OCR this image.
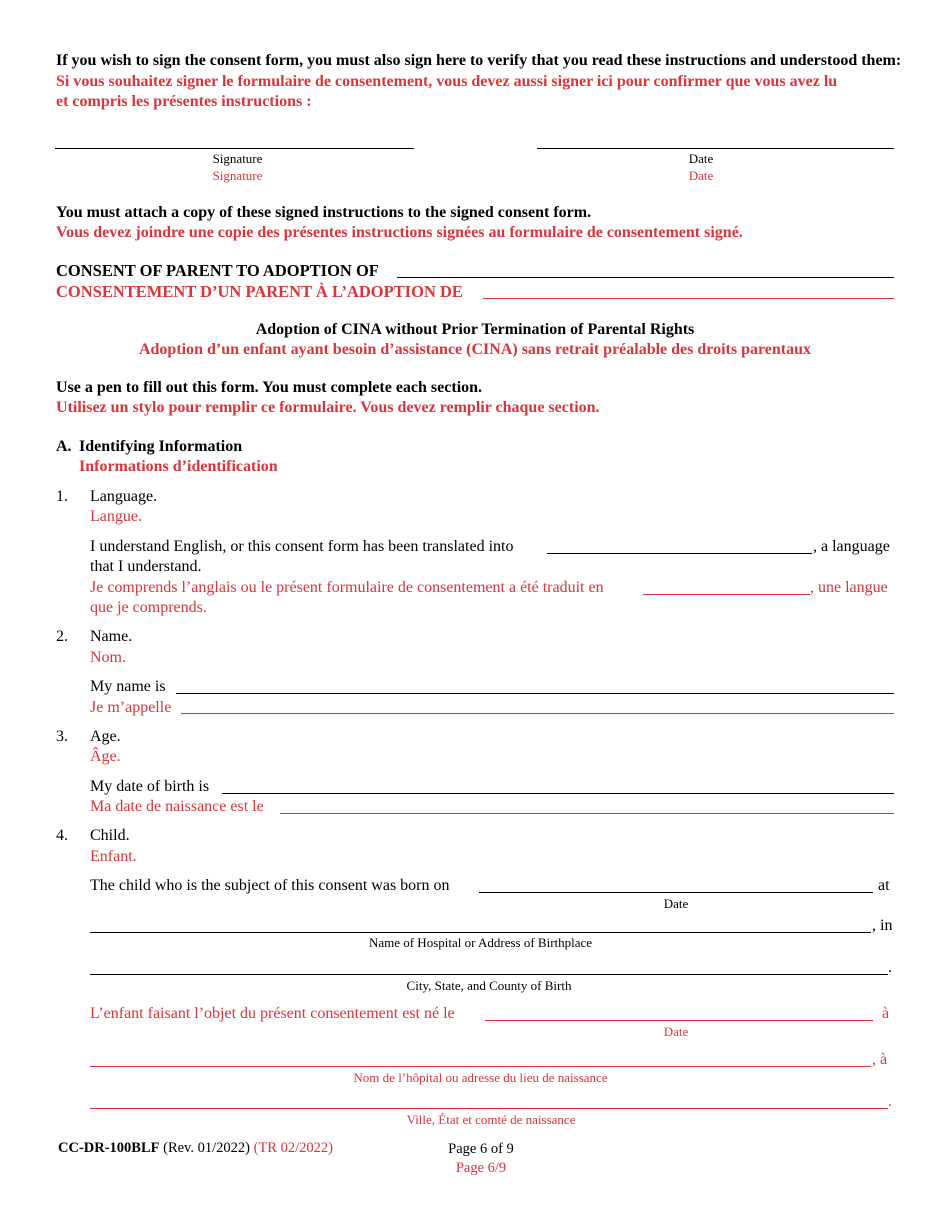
If you wish to sign the consent form, you must also sign here to verify that you read these instructions and understood them:
Si vous souhaitez signer le formulaire de consentement, vous devez aussi signer ici pour confirmer que vous avez lu
et compris les présentes instructions :
Signature
Signature
Date
Date
You must attach a copy of these signed instructions to the signed consent form.
Vous devez joindre une copie des présentes instructions signées au formulaire de consentement signé.
CONSENT OF PARENT TO ADOPTION OF
CONSENTEMENT D’UN PARENT À L’ADOPTION DE
Adoption of CINA without Prior Termination of Parental Rights
Adoption d’un enfant ayant besoin d’assistance (CINA) sans retrait préalable des droits parentaux
Use a pen to fill out this form. You must complete each section.
Utilisez un stylo pour remplir ce formulaire. Vous devez remplir chaque section.
A. Identifying Information
Informations d’identification
1. Language.
Langue.
I understand English, or this consent form has been translated into	, a language
that I understand.
Je comprends l’anglais ou le présent formulaire de consentement a été traduit en	, une langue
que je comprends.
2. Name.
Nom.
My name is
Je m’appelle
3. Age.
Âge.
My date of birth is
Ma date de naissance est le
4. Child.
Enfant.
The child who is the subject of this consent was born on	at
Date
, in
Name of Hospital or Address of Birthplace
.
City, State, and County of Birth
L’enfant faisant l’objet du présent consentement est né le	à
Date
, à
Nom de l’hôpital ou adresse du lieu de naissance
.
Ville, État et comté de naissance
CC-DR-100BLF (Rev. 01/2022) (TR 02/2022)	Page 6 of 9
Page 6/9
